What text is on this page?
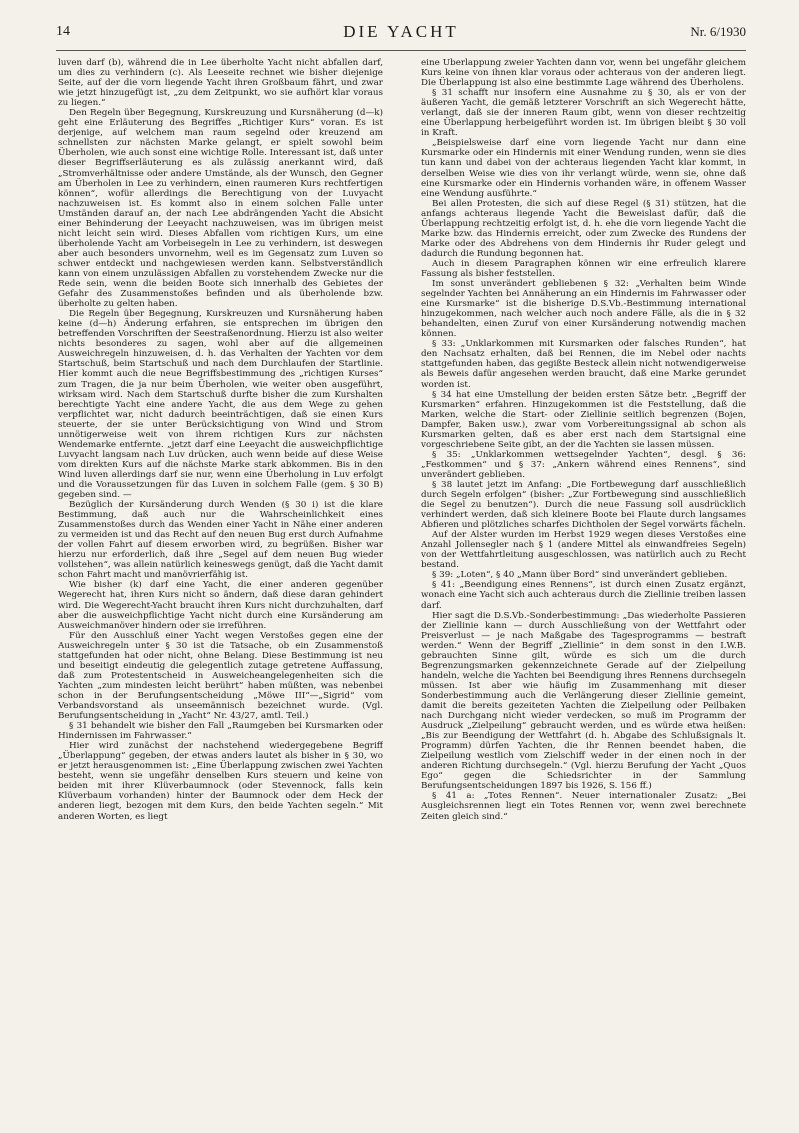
14	DIE YACHT	Nr. 6/1930

luven darf (b), während die in Lee überholte Yacht nicht abfallen darf, um dies zu verhindern (c). Als Leeseite rechnet wie bisher diejenige Seite, auf der die vorn liegende Yacht ihren Großbaum fährt, und zwar wie jetzt hinzugefügt ist, „zu dem Zeitpunkt, wo sie aufhört klar voraus zu liegen.“

Den Regeln über Begegnung, Kurskreuzung und Kursnäherung (d—k) geht eine Erläuterung des Begriffes „Richtiger Kurs“ voran. Es ist derjenige, auf welchem man raum segelnd oder kreuzend am schnellsten zur nächsten Marke gelangt, er spielt sowohl beim Überholen, wie auch sonst eine wichtige Rolle. Interessant ist, daß unter dieser Begriffserläuterung es als zulässig anerkannt wird, daß „Stromverhältnisse oder andere Umstände, als der Wunsch, den Gegner am Überholen in Lee zu verhindern, einen raumeren Kurs rechtfertigen können“, wofür allerdings die Berechtigung von der Luvyacht nachzuweisen ist. Es kommt also in einem solchen Falle unter Umständen darauf an, der nach Lee abdrängenden Yacht die Absicht einer Behinderung der Leeyacht nachzuweisen, was im übrigen meist nicht leicht sein wird. Dieses Abfallen vom richtigen Kurs, um eine überholende Yacht am Vorbeisegeln in Lee zu verhindern, ist deswegen aber auch besonders unvornehm, weil es im Gegensatz zum Luven so schwer entdeckt und nachgewiesen werden kann. Selbstverständlich kann von einem unzulässigen Abfallen zu vorstehendem Zwecke nur die Rede sein, wenn die beiden Boote sich innerhalb des Gebietes der Gefahr des Zusammenstoßes befinden und als überholende bzw. überholte zu gelten haben.

Die Regeln über Begegnung, Kurskreuzen und Kursnäherung haben keine (d—h) Änderung erfahren, sie entsprechen im übrigen den betreffenden Vorschriften der Seestraßenordnung. Hierzu ist also weiter nichts besonderes zu sagen, wohl aber auf die allgemeinen Ausweichregeln hinzuweisen, d. h. das Verhalten der Yachten vor dem Startschuß, beim Startschuß und nach dem Durchlaufen der Startlinie. Hier kommt auch die neue Begriffsbestimmung des „richtigen Kurses“ zum Tragen, die ja nur beim Überholen, wie weiter oben ausgeführt, wirksam wird. Nach dem Startschuß durfte bisher die zum Kurshalten berechtigte Yacht eine andere Yacht, die aus dem Wege zu gehen verpflichtet war, nicht dadurch beeinträchtigen, daß sie einen Kurs steuerte, der sie unter Berücksichtigung von Wind und Strom unnötigerweise weit von ihrem richtigen Kurs zur nächsten Wendemarke entfernte. „jetzt darf eine Leeyacht die ausweichpflichtige Luvyacht langsam nach Luv drücken, auch wenn beide auf diese Weise vom direkten Kurs auf die nächste Marke stark abkommen. Bis in den Wind luven allerdings darf sie nur, wenn eine Überholung in Luv erfolgt und die Voraussetzungen für das Luven in solchem Falle (gem. § 30 B) gegeben sind. —

Bezüglich der Kursänderung durch Wenden (§ 30 i) ist die klare Bestimmung, daß auch nur die Wahrscheinlichkeit eines Zusammenstoßes durch das Wenden einer Yacht in Nähe einer anderen zu vermeiden ist und das Recht auf den neuen Bug erst durch Aufnahme der vollen Fahrt auf diesem erworben wird, zu begrüßen. Bisher war hierzu nur erforderlich, daß ihre „Segel auf dem neuen Bug wieder vollstehen“, was allein natürlich keineswegs genügt, daß die Yacht damit schon Fahrt macht und manövrierfähig ist.

Wie bisher (k) darf eine Yacht, die einer anderen gegenüber Wegerecht hat, ihren Kurs nicht so ändern, daß diese daran gehindert wird. Die Wegerecht-Yacht braucht ihren Kurs nicht durchzuhalten, darf aber die ausweichpflichtige Yacht nicht durch eine Kursänderung am Ausweichmanöver hindern oder sie irreführen.

Für den Ausschluß einer Yacht wegen Verstoßes gegen eine der Ausweichregeln unter § 30 ist die Tatsache, ob ein Zusammenstoß stattgefunden hat oder nicht, ohne Belang. Diese Bestimmung ist neu und beseitigt eindeutig die gelegentlich zutage getretene Auffassung, daß zum Protestentscheid in Ausweicheangelegenheiten sich die Yachten „zum mindesten leicht berührt“ haben müßten, was nebenbei schon in der Berufungsentscheidung „Möwe III“—„Sigrid“ vom Verbandsvorstand als unseemännisch bezeichnet wurde. (Vgl. Berufungsentscheidung in „Yacht“ Nr. 43/27, amtl. Teil.)

§ 31 behandelt wie bisher den Fall „Raumgeben bei Kursmarken oder Hindernissen im Fahrwasser.“

Hier wird zunächst der nachstehend wiedergegebene Begriff „Überlappung“ gegeben, der etwas anders lautet als bisher in § 30, wo er jetzt herausgenommen ist: „Eine Überlappung zwischen zwei Yachten besteht, wenn sie ungefähr denselben Kurs steuern und keine von beiden mit ihrer Klüverbaumnock (oder Stevennock, falls kein Klüverbaum vorhanden) hinter der Baumnock oder dem Heck der anderen liegt, bezogen mit dem Kurs, den beide Yachten segeln.“ Mit anderen Worten, es liegt

eine Überlappung zweier Yachten dann vor, wenn bei ungefähr gleichem Kurs keine von ihnen klar voraus oder achteraus von der anderen liegt. Die Überlappung ist also eine bestimmte Lage während des Überholens.

§ 31 schafft nur insofern eine Ausnahme zu § 30, als er von der äußeren Yacht, die gemäß letzterer Vorschrift an sich Wegerecht hätte, verlangt, daß sie der inneren Raum gibt, wenn von dieser rechtzeitig eine Überlappung herbeigeführt worden ist. Im übrigen bleibt § 30 voll in Kraft.

„Beispielsweise darf eine vorn liegende Yacht nur dann eine Kursmarke oder ein Hindernis mit einer Wendung runden, wenn sie dies tun kann und dabei von der achteraus liegenden Yacht klar kommt, in derselben Weise wie dies von ihr verlangt würde, wenn sie, ohne daß eine Kursmarke oder ein Hindernis vorhanden wäre, in offenem Wasser eine Wendung ausführte.“

Bei allen Protesten, die sich auf diese Regel (§ 31) stützen, hat die anfangs achteraus liegende Yacht die Beweislast dafür, daß die Überlappung rechtzeitig erfolgt ist, d. h. ehe die vorn liegende Yacht die Marke bzw. das Hindernis erreicht, oder zum Zwecke des Rundens der Marke oder des Abdrehens von dem Hindernis ihr Ruder gelegt und dadurch die Rundung begonnen hat.

Auch in diesem Paragraphen können wir eine erfreulich klarere Fassung als bisher feststellen.

Im sonst unverändert gebliebenen § 32: „Verhalten beim Winde segelnder Yachten bei Annäherung an ein Hindernis im Fahrwasser oder eine Kursmarke“ ist die bisherige D.S.Vb.-Bestimmung international hinzugekommen, nach welcher auch noch andere Fälle, als die in § 32 behandelten, einen Zuruf von einer Kursänderung notwendig machen können.

§ 33: „Unklarkommen mit Kursmarken oder falsches Runden“, hat den Nachsatz erhalten, daß bei Rennen, die im Nebel oder nachts stattgefunden haben, das gegißte Besteck allein nicht notwendigerweise als Beweis dafür angesehen werden braucht, daß eine Marke gerundet worden ist.

§ 34 hat eine Umstellung der beiden ersten Sätze betr. „Begriff der Kursmarken“ erfahren. Hinzugekommen ist die Feststellung, daß die Marken, welche die Start- oder Ziellinie seitlich begrenzen (Bojen, Dampfer, Baken usw.), zwar vom Vorbereitungssignal ab schon als Kursmarken gelten, daß es aber erst nach dem Startsignal eine vorgeschriebene Seite gibt, an der die Yachten sie lassen müssen.

§ 35: „Unklarkommen wettsegelnder Yachten“, desgl. § 36: „Festkommen“ und § 37: „Ankern während eines Rennens“, sind unverändert geblieben.

§ 38 lautet jetzt im Anfang: „Die Fortbewegung darf ausschließlich durch Segeln erfolgen“ (bisher: „Zur Fortbewegung sind ausschließlich die Segel zu benutzen“). Durch die neue Fassung soll ausdrücklich verhindert werden, daß sich kleinere Boote bei Flaute durch langsames Abfieren und plötzliches scharfes Dichtholen der Segel vorwärts fächeln.

Auf der Alster wurden im Herbst 1929 wegen dieses Verstoßes eine Anzahl Jollensegler nach § 1 (andere Mittel als einwandfreies Segeln) von der Wettfahrtleitung ausgeschlossen, was natürlich auch zu Recht bestand.

§ 39: „Loten“, § 40 „Mann über Bord“ sind unverändert geblieben.

§ 41: „Beendigung eines Rennens“, ist durch einen Zusatz ergänzt, wonach eine Yacht sich auch achteraus durch die Ziellinie treiben lassen darf.

Hier sagt die D.S.Vb.-Sonderbestimmung: „Das wiederholte Passieren der Ziellinie kann — durch Ausschließung von der Wettfahrt oder Preisverlust — je nach Maßgabe des Tagesprogramms — bestraft werden.“ Wenn der Begriff „Ziellinie“ in dem sonst in den I.W.B. gebrauchten Sinne gilt, würde es sich um die durch Begrenzungsmarken gekennzeichnete Gerade auf der Zielpeilung handeln, welche die Yachten bei Beendigung ihres Rennens durchsegeln müssen. Ist aber wie häufig im Zusammenhang mit dieser Sonderbestimmung auch die Verlängerung dieser Ziellinie gemeint, damit die bereits gezeiteten Yachten die Zielpeilung oder Peilbaken nach Durchgang nicht wieder verdecken, so muß im Programm der Ausdruck „Zielpeilung“ gebraucht werden, und es würde etwa heißen: „Bis zur Beendigung der Wettfahrt (d. h. Abgabe des Schlußsignals lt. Programm) dürfen Yachten, die ihr Rennen beendet haben, die Zielpeilung westlich vom Zielschiff weder in der einen noch in der anderen Richtung durchsegeln.“ (Vgl. hierzu Berufung der Yacht „Quos Ego“ gegen die Schiedsrichter in der Sammlung Berufungsentscheidungen 1897 bis 1926, S. 156 ff.)

§ 41 a: „Totes Rennen“. Neuer internationaler Zusatz: „Bei Ausgleichsrennen liegt ein Totes Rennen vor, wenn zwei berechnete Zeiten gleich sind.“
